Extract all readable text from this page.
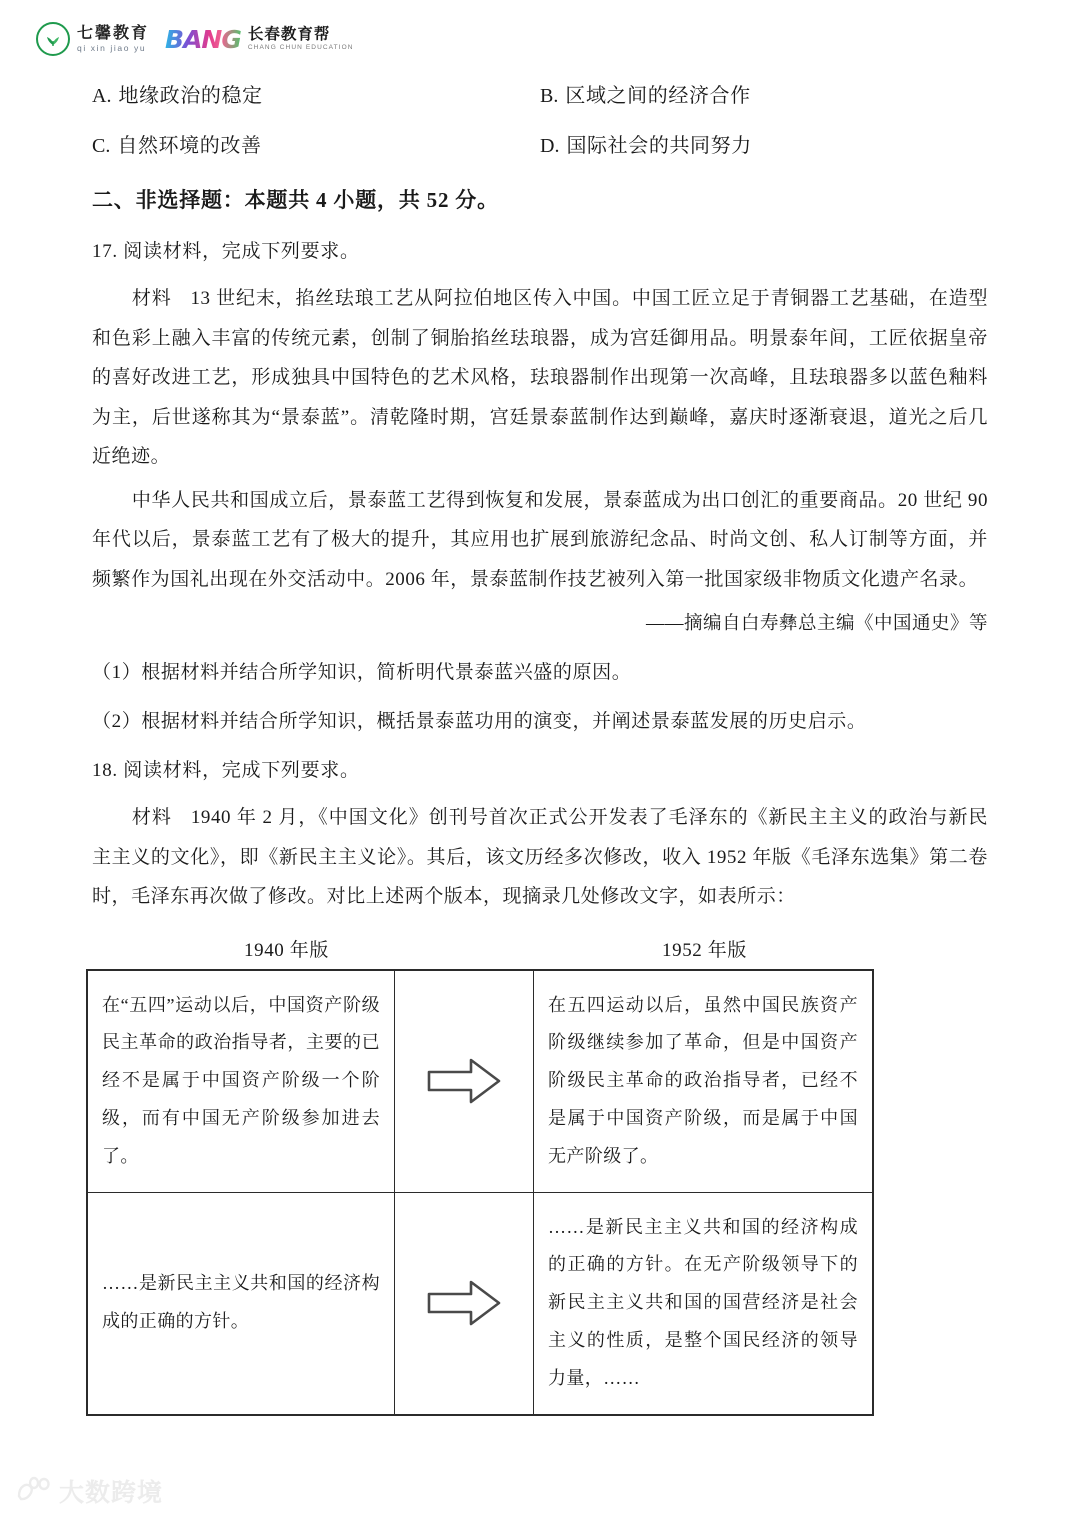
七馨教育
qi xin jiao yu BANG 长春教育帮
CHANG CHUN EDUCATION
A. 地缘政治的稳定	B. 区域之间的经济合作
C. 自然环境的改善	D. 国际社会的共同努力
二、非选择题：本题共 4 小题，共 52 分。
17. 阅读材料，完成下列要求。

材料 13 世纪末，掐丝珐琅工艺从阿拉伯地区传入中国。中国工匠立足于青铜器工艺基础，在造型和色彩上融入丰富的传统元素，创制了铜胎掐丝珐琅器，成为宫廷御用品。明景泰年间，工匠依据皇帝的喜好改进工艺，形成独具中国特色的艺术风格，珐琅器制作出现第一次高峰，且珐琅器多以蓝色釉料为主，后世遂称其为“景泰蓝”。清乾隆时期，宫廷景泰蓝制作达到巅峰，嘉庆时逐渐衰退，道光之后几近绝迹。

中华人民共和国成立后，景泰蓝工艺得到恢复和发展，景泰蓝成为出口创汇的重要商品。20 世纪 90 年代以后，景泰蓝工艺有了极大的提升，其应用也扩展到旅游纪念品、时尚文创、私人订制等方面，并频繁作为国礼出现在外交活动中。2006 年，景泰蓝制作技艺被列入第一批国家级非物质文化遗产名录。

——摘编自白寿彝总主编《中国通史》等
（1）根据材料并结合所学知识，简析明代景泰蓝兴盛的原因。
（2）根据材料并结合所学知识，概括景泰蓝功用的演变，并阐述景泰蓝发展的历史启示。
18. 阅读材料，完成下列要求。

材料 1940 年 2 月，《中国文化》创刊号首次正式公开发表了毛泽东的《新民主主义的政治与新民主主义的文化》，即《新民主主义论》。其后，该文历经多次修改，收入 1952 年版《毛泽东选集》第二卷时，毛泽东再次做了修改。对比上述两个版本，现摘录几处修改文字，如表所示：

1940 年版	1952 年版
在“五四”运动以后，中国资产阶级民主革命的政治指导者，主要的已经不是属于中国资产阶级一个阶级，而有中国无产阶级参加进去了。		在五四运动以后，虽然中国民族资产阶级继续参加了革命，但是中国资产阶级民主革命的政治指导者，已经不是属于中国资产阶级，而是属于中国无产阶级了。

……是新民主主义共和国的经济构成的正确的方针。		……是新民主主义共和国的经济构成的正确的方针。在无产阶级领导下的新民主主义共和国的国营经济是社会主义的性质，是整个国民经济的领导力量，……
大数跨境
